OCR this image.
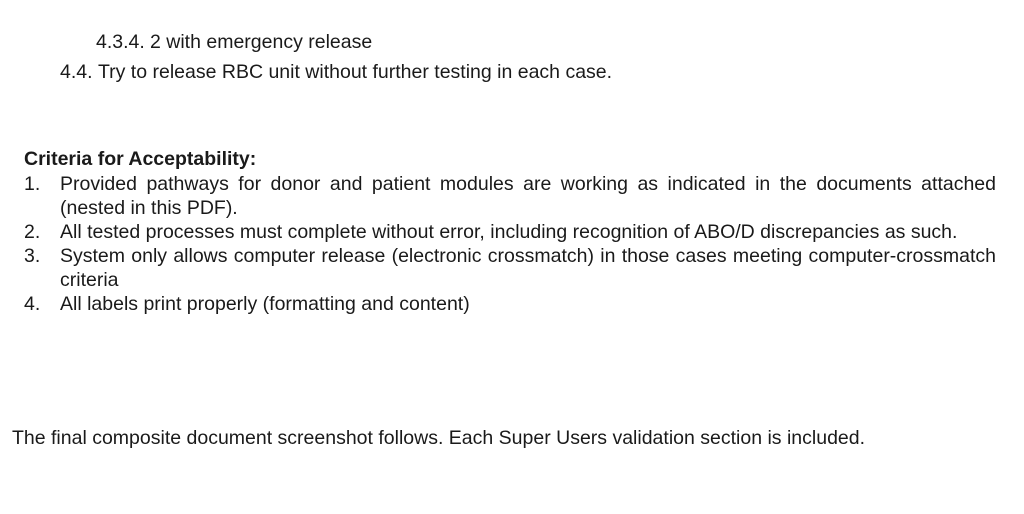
4.3.4. 2 with emergency release
4.4. Try to release RBC unit without further testing in each case.
Criteria for Acceptability:
1. Provided pathways for donor and patient modules are working as indicated in the documents attached (nested in this PDF).
2. All tested processes must complete without error, including recognition of ABO/D discrepancies as such.
3. System only allows computer release (electronic crossmatch) in those cases meeting computer-crossmatch criteria
4. All labels print properly (formatting and content)
The final composite document screenshot follows. Each Super Users validation section is included.
